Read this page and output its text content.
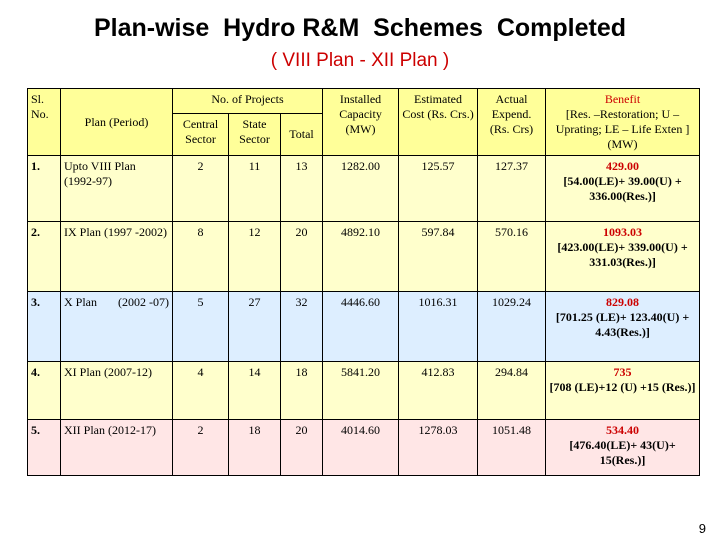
Plan-wise  Hydro R&M  Schemes  Completed
( VIII Plan - XII Plan )
Sl. No.	Plan (Period)	No. of Projects			Installed Capacity (MW)	Estimated Cost (Rs. Crs.)	Actual Expend. (Rs. Crs)	Benefit
[Res. –Restoration; U – Uprating; LE – Life Exten ] (MW)
		Central Sector	State Sector	Total				
1.	Upto VIII Plan (1992-97)	2	11	13	1282.00	125.57	127.37	429.00
[54.00(LE)+ 39.00(U) + 336.00(Res.)]

2.	IX Plan (1997 -2002)	8	12	20	4892.10	597.84	570.16	1093.03
[423.00(LE)+ 339.00(U) + 331.03(Res.)]

3.	X Plan       (2002 -07)	5	27	32	4446.60	1016.31	1029.24	829.08
[701.25 (LE)+ 123.40(U) + 4.43(Res.)]

4.	XI Plan (2007-12)	4	14	18	5841.20	412.83	294.84	735
[708 (LE)+12 (U) +15 (Res.)]

5.	XII Plan (2012-17)	2	18	20	4014.60	1278.03	1051.48	534.40
[476.40(LE)+ 43(U)+ 15(Res.)]
9
